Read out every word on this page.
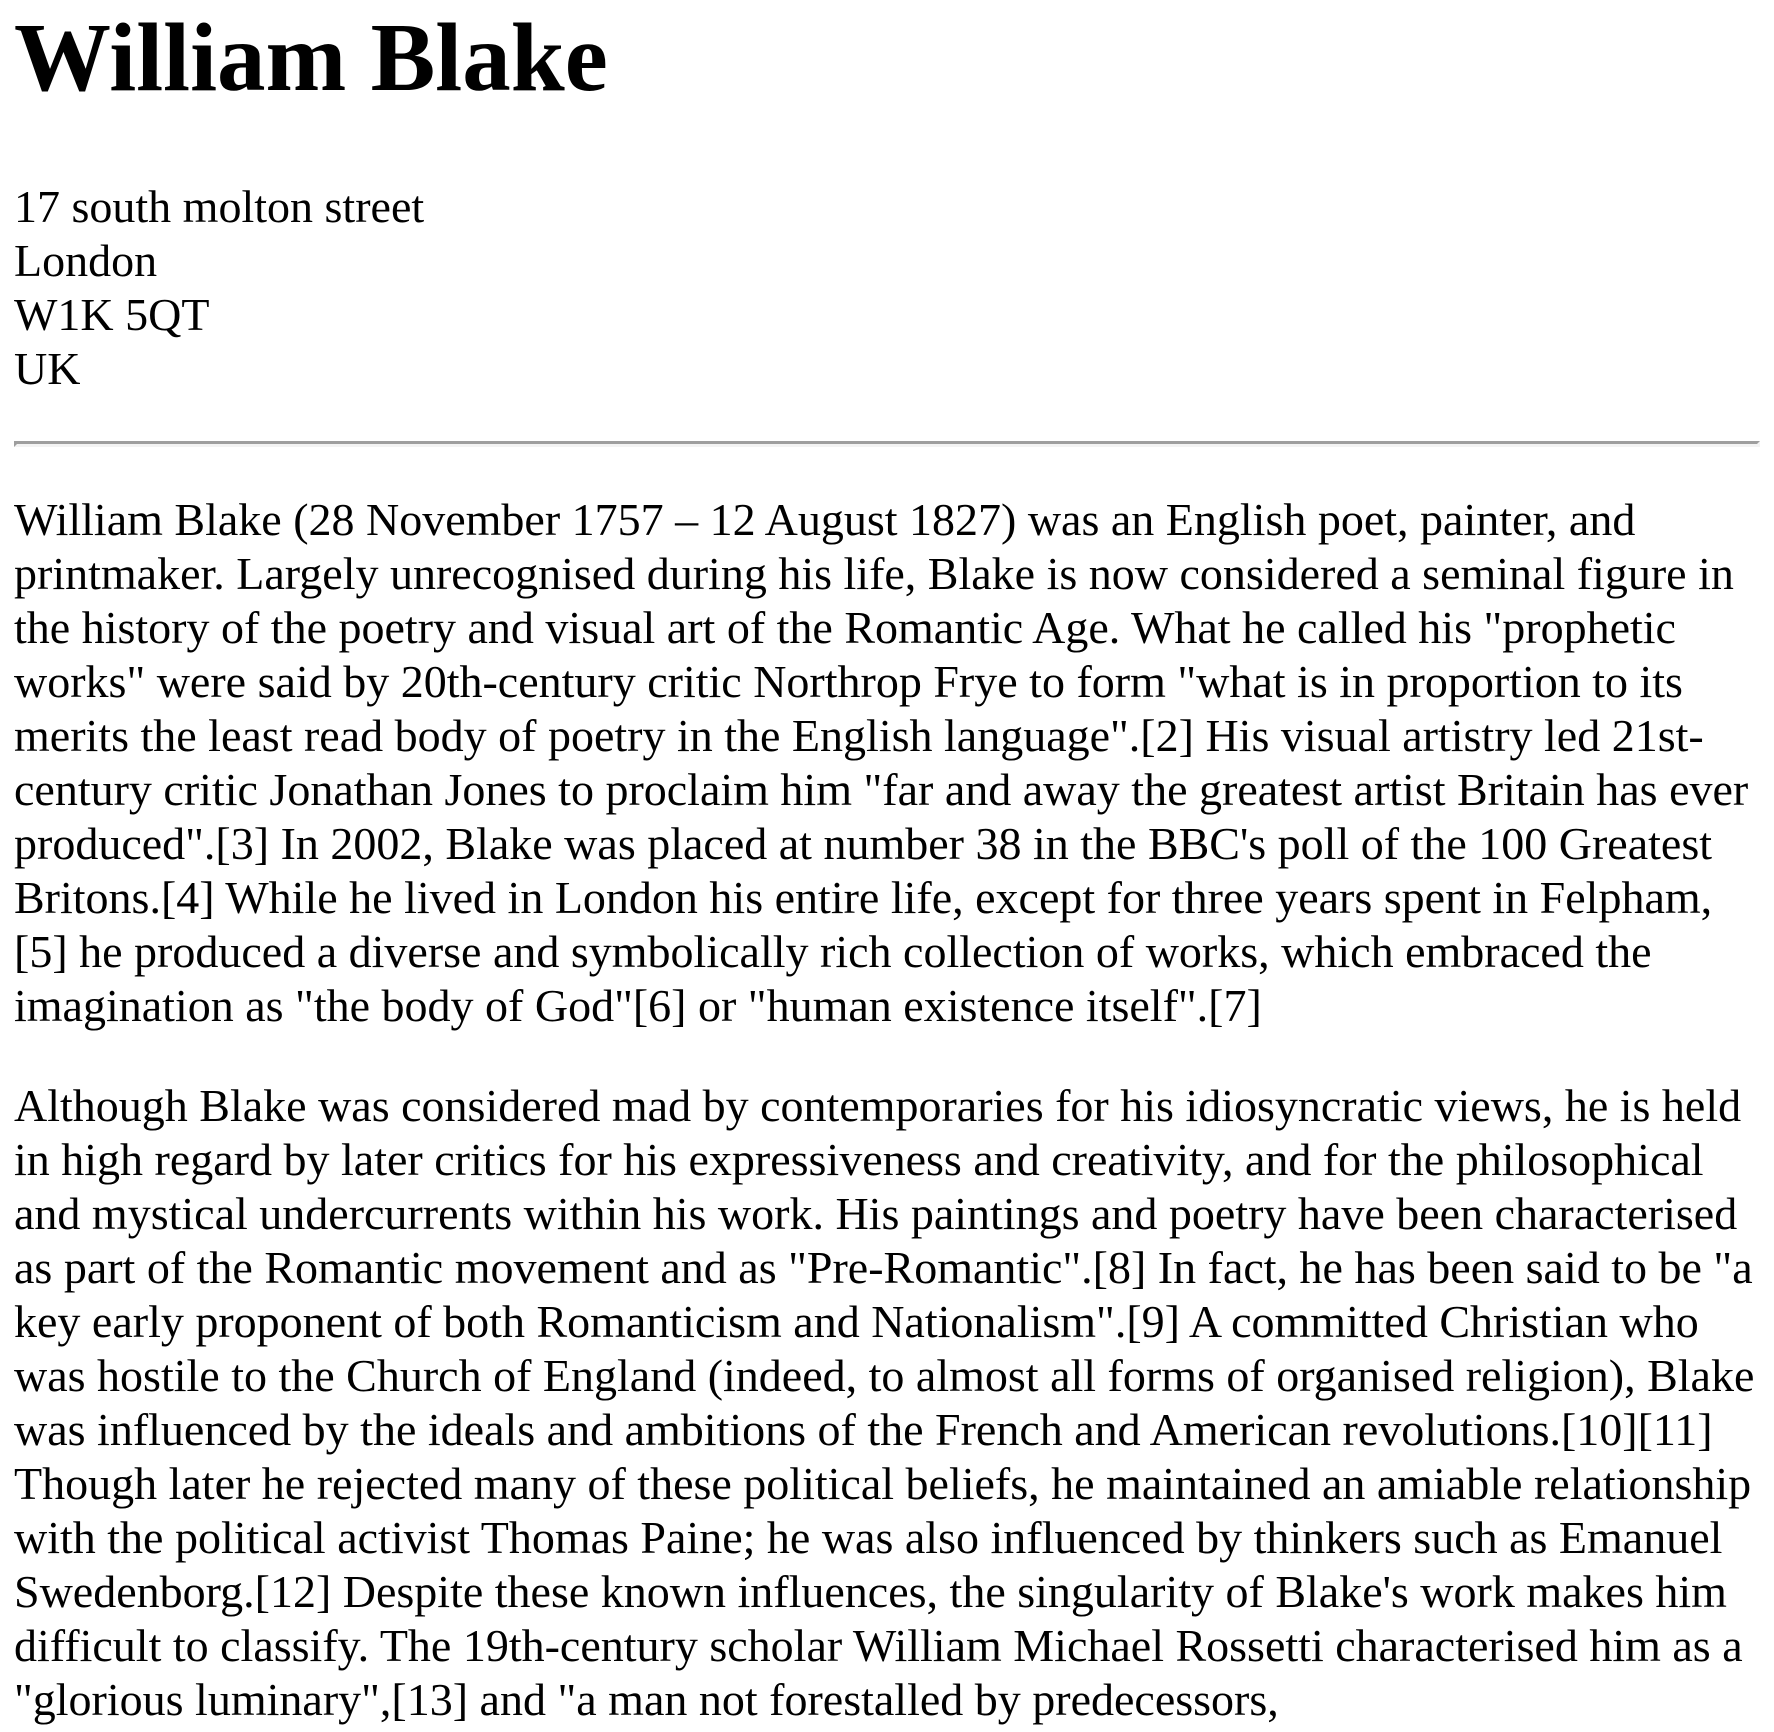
William Blake
17 south molton street
London
W1K 5QT
UK

William Blake (28 November 1757 – 12 August 1827) was an English poet, painter, and printmaker. Largely unrecognised during his life, Blake is now considered a seminal figure in the history of the poetry and visual art of the Romantic Age. What he called his "prophetic works" were said by 20th-century critic Northrop Frye to form "what is in proportion to its merits the least read body of poetry in the English language".[2] His visual artistry led 21st-century critic Jonathan Jones to proclaim him "far and away the greatest artist Britain has ever produced".[3] In 2002, Blake was placed at number 38 in the BBC's poll of the 100 Greatest Britons.[4] While he lived in London his entire life, except for three years spent in Felpham,[5] he produced a diverse and symbolically rich collection of works, which embraced the imagination as "the body of God"[6] or "human existence itself".[7]

Although Blake was considered mad by contemporaries for his idiosyncratic views, he is held in high regard by later critics for his expressiveness and creativity, and for the philosophical and mystical undercurrents within his work. His paintings and poetry have been characterised as part of the Romantic movement and as "Pre-Romantic".[8] In fact, he has been said to be "a key early proponent of both Romanticism and Nationalism".[9] A committed Christian who was hostile to the Church of England (indeed, to almost all forms of organised religion), Blake was influenced by the ideals and ambitions of the French and American revolutions.[10][11] Though later he rejected many of these political beliefs, he maintained an amiable relationship with the political activist Thomas Paine; he was also influenced by thinkers such as Emanuel Swedenborg.[12] Despite these known influences, the singularity of Blake's work makes him difficult to classify. The 19th-century scholar William Michael Rossetti characterised him as a "glorious luminary",[13] and "a man not forestalled by predecessors,
